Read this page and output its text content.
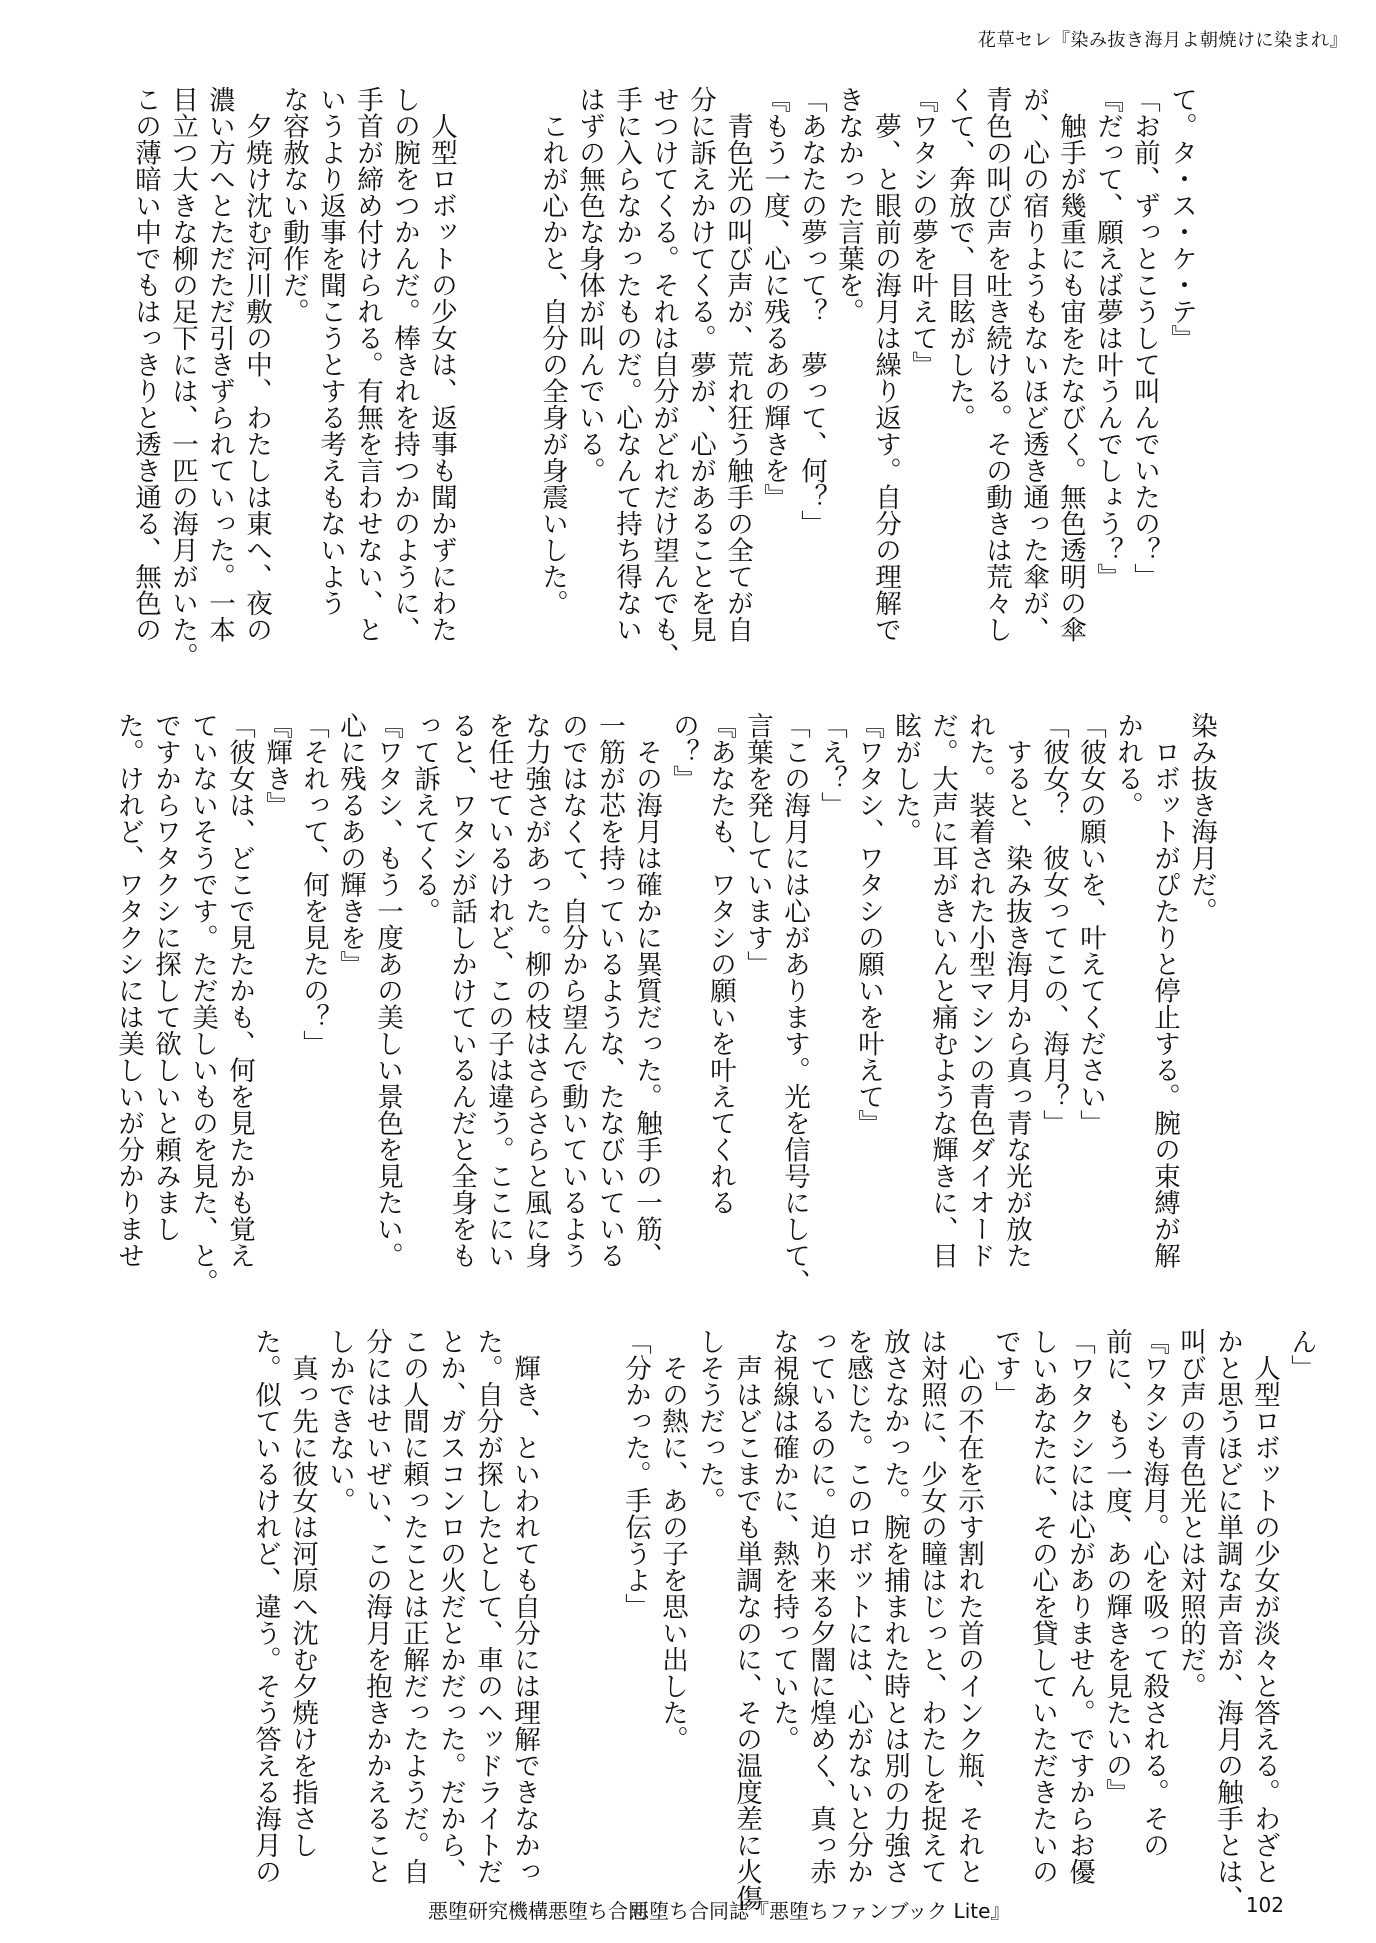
花草セレ『染み抜き海月よ朝焼けに染まれ』
て。タ・ス・ケ・テ』
「お前、ずっとこうして叫んでいたの？」
『だって、願えば夢は叶うんでしょう？』
　触手が幾重にも宙をたなびく。無色透明の傘
が、心の宿りようもないほど透き通った傘が、
青色の叫び声を吐き続ける。その動きは荒々し
くて、奔放で、目眩がした。
『ワタシの夢を叶えて』
　夢、と眼前の海月は繰り返す。自分の理解で
きなかった言葉を。
「あなたの夢って？　夢って、何？」
『もう一度、心に残るあの輝きを』
　青色光の叫び声が、荒れ狂う触手の全てが自
分に訴えかけてくる。夢が、心があることを見
せつけてくる。それは自分がどれだけ望んでも、
手に入らなかったものだ。心なんて持ち得ない
はずの無色な身体が叫んでいる。
　これが心かと、自分の全身が身震いした。

　人型ロボットの少女は、返事も聞かずにわた
しの腕をつかんだ。棒きれを持つかのように、
手首が締め付けられる。有無を言わせない、と
いうより返事を聞こうとする考えもないよう
な容赦ない動作だ。
　夕焼け沈む河川敷の中、わたしは東へ、夜の
濃い方へとただただ引きずられていった。一本
目立つ大きな柳の足下には、一匹の海月がいた。
この薄暗い中でもはっきりと透き通る、無色の
染み抜き海月だ。
　ロボットがぴたりと停止する。腕の束縛が解
かれる。
「彼女の願いを、叶えてください」
「彼女？　彼女ってこの、海月？」
　すると、染み抜き海月から真っ青な光が放た
れた。装着された小型マシンの青色ダイオード
だ。大声に耳がきいんと痛むような輝きに、目
眩がした。
『ワタシ、ワタシの願いを叶えて』
「え？」
「この海月には心があります。光を信号にして、
言葉を発しています」
『あなたも、ワタシの願いを叶えてくれる
の？』
　その海月は確かに異質だった。触手の一筋、
一筋が芯を持っているような、たなびいている
のではなくて、自分から望んで動いているよう
な力強さがあった。柳の枝はさらさらと風に身
を任せているけれど、この子は違う。ここにい
ると、ワタシが話しかけているんだと全身をも
って訴えてくる。
『ワタシ、もう一度あの美しい景色を見たい。
心に残るあの輝きを』
「それって、何を見たの？」
『輝き』
「彼女は、どこで見たかも、何を見たかも覚え
ていないそうです。ただ美しいものを見た、と。
ですからワタクシに探して欲しいと頼みまし
た。けれど、ワタクシには美しいが分かりませ
ん」
　人型ロボットの少女が淡々と答える。わざと
かと思うほどに単調な声音が、海月の触手とは、
叫び声の青色光とは対照的だ。
『ワタシも海月。心を吸って殺される。その
前に、もう一度、あの輝きを見たいの』
「ワタクシには心がありません。ですからお優
しいあなたに、その心を貸していただきたいの
です」
　心の不在を示す割れた首のインク瓶、それと
は対照に、少女の瞳はじっと、わたしを捉えて
放さなかった。腕を捕まれた時とは別の力強さ
を感じた。このロボットには、心がないと分か
っているのに。迫り来る夕闇に煌めく、真っ赤
な視線は確かに、熱を持っていた。
　声はどこまでも単調なのに、その温度差に火傷
しそうだった。
　その熱に、あの子を思い出した。
「分かった。手伝うよ」

　輝き、といわれても自分には理解できなかっ
た。自分が探したとして、車のヘッドライトだ
とか、ガスコンロの火だとかだった。だから、
この人間に頼ったことは正解だったようだ。自
分にはせいぜい、この海月を抱きかかえること
しかできない。
　真っ先に彼女は河原へ沈む夕焼けを指さし
た。似ているけれど、違う。そう答える海月の
悪堕研究機構悪堕ち合同
悪堕ち合同誌『悪堕ちファンブック Lite』	102
